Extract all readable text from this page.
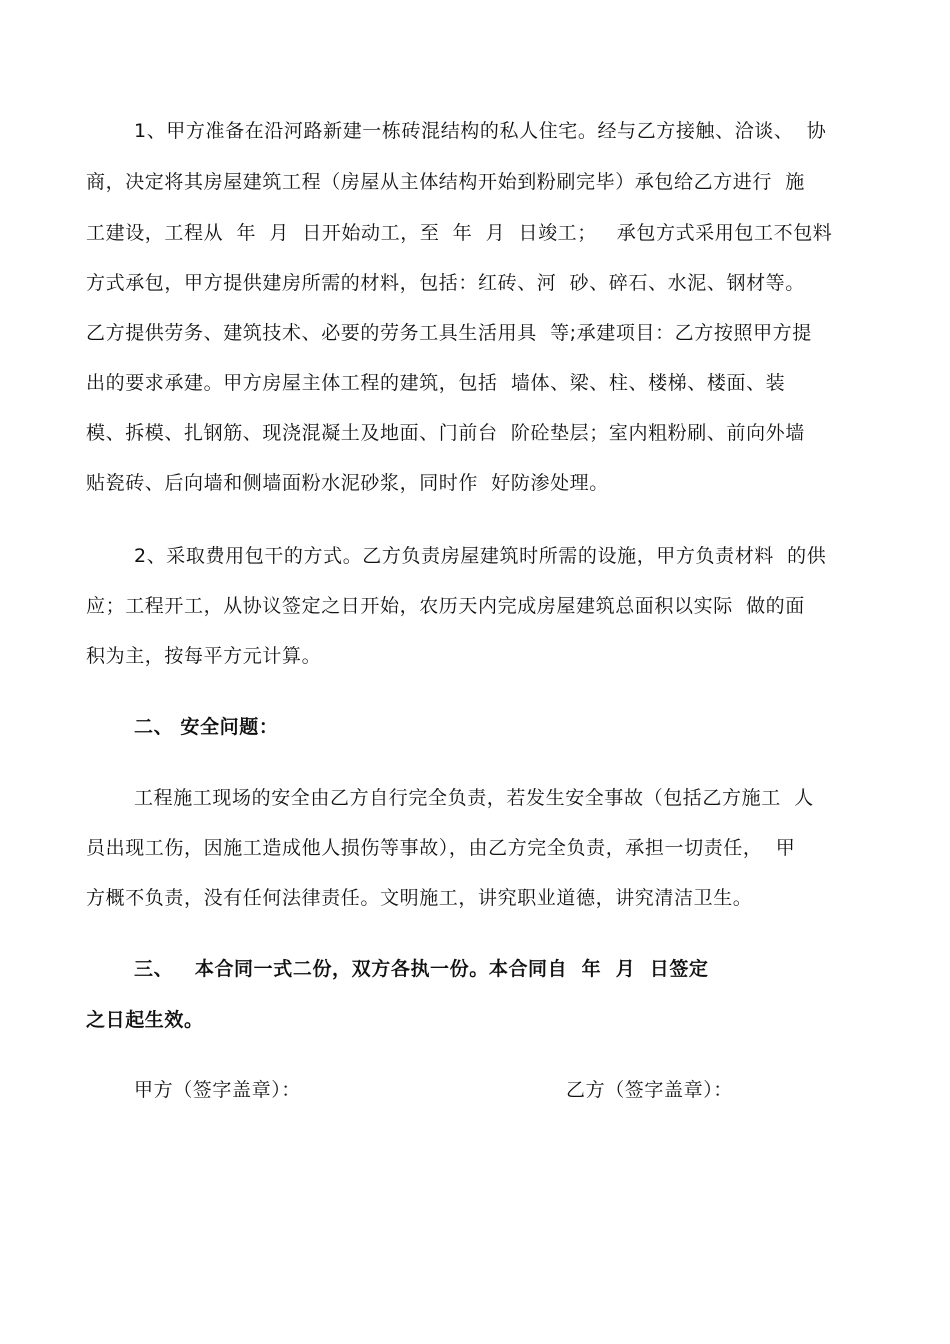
1、甲方准备在沿河路新建一栋砖混结构的私人住宅。经与乙方接触、洽谈、  协
商，决定将其房屋建筑工程（房屋从主体结构开始到粉刷完毕）承包给乙方进行  施
工建设，工程从  年  月  日开始动工，至  年  月  日竣工；   承包方式采用包工不包料
方式承包，甲方提供建房所需的材料，包括：红砖、河  砂、碎石、水泥、钢材等。
乙方提供劳务、建筑技术、必要的劳务工具生活用具  等;承建项目：乙方按照甲方提
出的要求承建。甲方房屋主体工程的建筑，包括  墙体、梁、柱、楼梯、楼面、装
模、拆模、扎钢筋、现浇混凝土及地面、门前台  阶砼垫层；室内粗粉刷、前向外墙
贴瓷砖、后向墙和侧墙面粉水泥砂浆，同时作  好防渗处理。
2、采取费用包干的方式。乙方负责房屋建筑时所需的设施，甲方负责材料  的供
应；工程开工，从协议签定之日开始，农历天内完成房屋建筑总面积以实际  做的面
积为主，按每平方元计算。
二、 安全问题：
工程施工现场的安全由乙方自行完全负责，若发生安全事故（包括乙方施工  人
员出现工伤，因施工造成他人损伤等事故），由乙方完全负责，承担一切责任，  甲
方概不负责，没有任何法律责任。文明施工，讲究职业道德，讲究清洁卫生。
三、   本合同一式二份，双方各执一份。本合同自  年  月  日签定
之日起生效。
甲方（签字盖章）：	乙方（签字盖章）：
